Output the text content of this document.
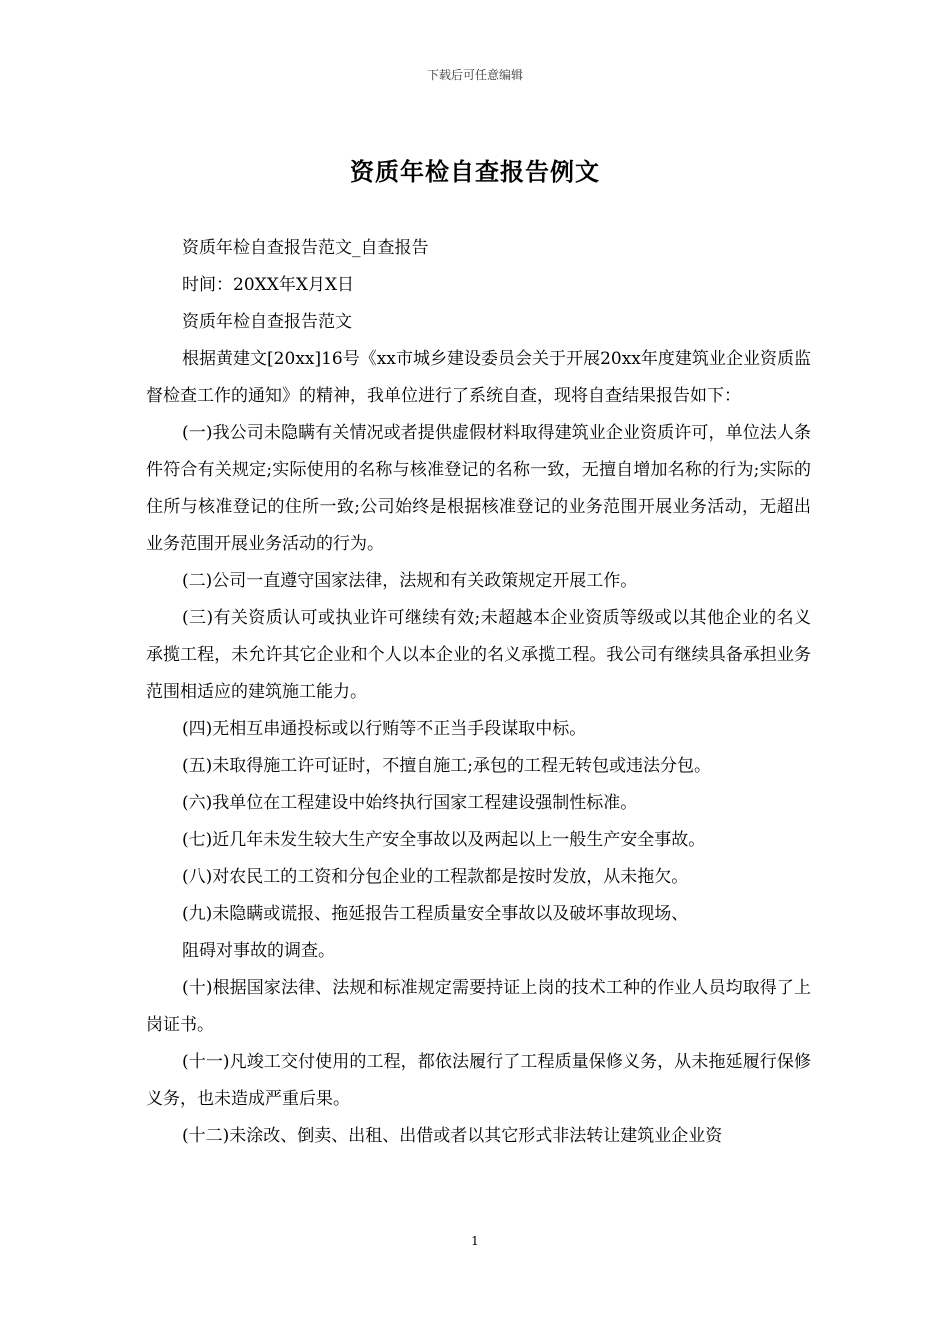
下载后可任意编辑
资质年检自查报告例文

资质年检自查报告范文_自查报告

时间：20XX年X月X日

资质年检自查报告范文

根据黄建文[20xx]16号《xx市城乡建设委员会关于开展20xx年度建筑业企业资质监督检查工作的通知》的精神，我单位进行了系统自查，现将自查结果报告如下：

(一)我公司未隐瞒有关情况或者提供虚假材料取得建筑业企业资质许可，单位法人条件符合有关规定;实际使用的名称与核准登记的名称一致，无擅自增加名称的行为;实际的住所与核准登记的住所一致;公司始终是根据核准登记的业务范围开展业务活动，无超出业务范围开展业务活动的行为。

(二)公司一直遵守国家法律，法规和有关政策规定开展工作。

(三)有关资质认可或执业许可继续有效;未超越本企业资质等级或以其他企业的名义承揽工程，未允许其它企业和个人以本企业的名义承揽工程。我公司有继续具备承担业务范围相适应的建筑施工能力。

(四)无相互串通投标或以行贿等不正当手段谋取中标。

(五)未取得施工许可证时，不擅自施工;承包的工程无转包或违法分包。

(六)我单位在工程建设中始终执行国家工程建设强制性标准。

(七)近几年未发生较大生产安全事故以及两起以上一般生产安全事故。

(八)对农民工的工资和分包企业的工程款都是按时发放，从未拖欠。

(九)未隐瞒或谎报、拖延报告工程质量安全事故以及破坏事故现场、

阻碍对事故的调查。

(十)根据国家法律、法规和标准规定需要持证上岗的技术工种的作业人员均取得了上岗证书。

(十一)凡竣工交付使用的工程，都依法履行了工程质量保修义务，从未拖延履行保修义务，也未造成严重后果。

(十二)未涂改、倒卖、出租、出借或者以其它形式非法转让建筑业企业资

1
